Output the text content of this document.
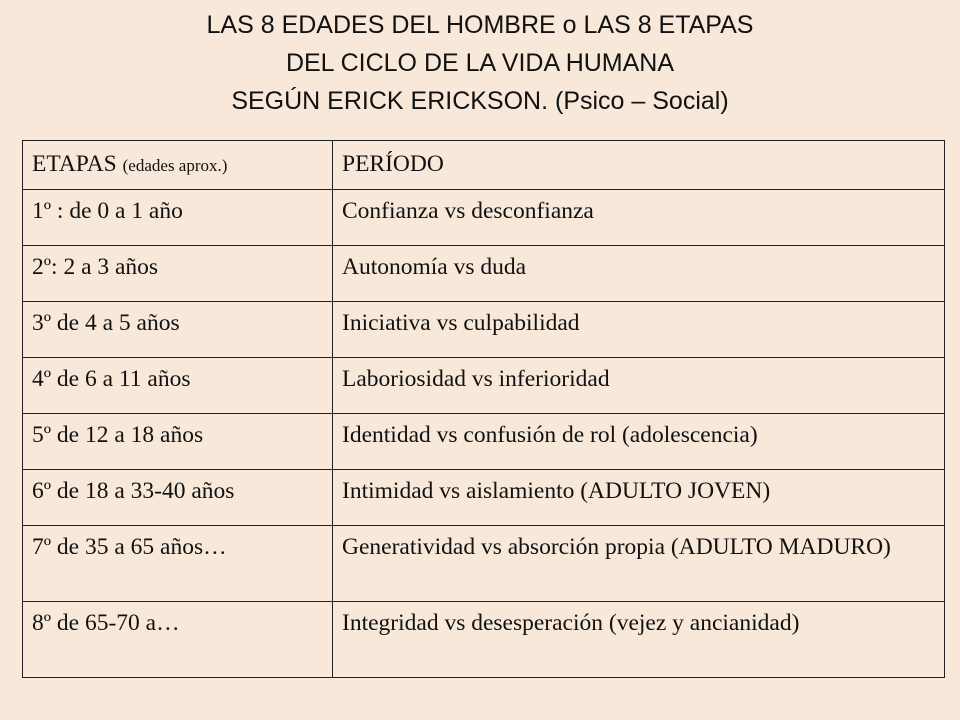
LAS 8 EDADES DEL HOMBRE o LAS 8 ETAPAS
DEL CICLO DE LA VIDA HUMANA
SEGÚN ERICK ERICKSON. (Psico – Social)
ETAPAS (edades aprox.)	PERÍODO
1º : de 0 a 1 año	Confianza vs desconfianza
2º: 2 a 3 años	Autonomía vs duda
3º de 4 a 5 años	Iniciativa vs culpabilidad
4º de 6 a 11 años	Laboriosidad vs inferioridad
5º de 12 a 18 años	Identidad vs confusión de rol (adolescencia)
6º de 18 a 33-40 años	Intimidad vs aislamiento (ADULTO JOVEN)
7º de 35 a 65 años…	Generatividad vs absorción propia (ADULTO MADURO)
8º de 65-70 a…	Integridad vs desesperación (vejez y ancianidad)
